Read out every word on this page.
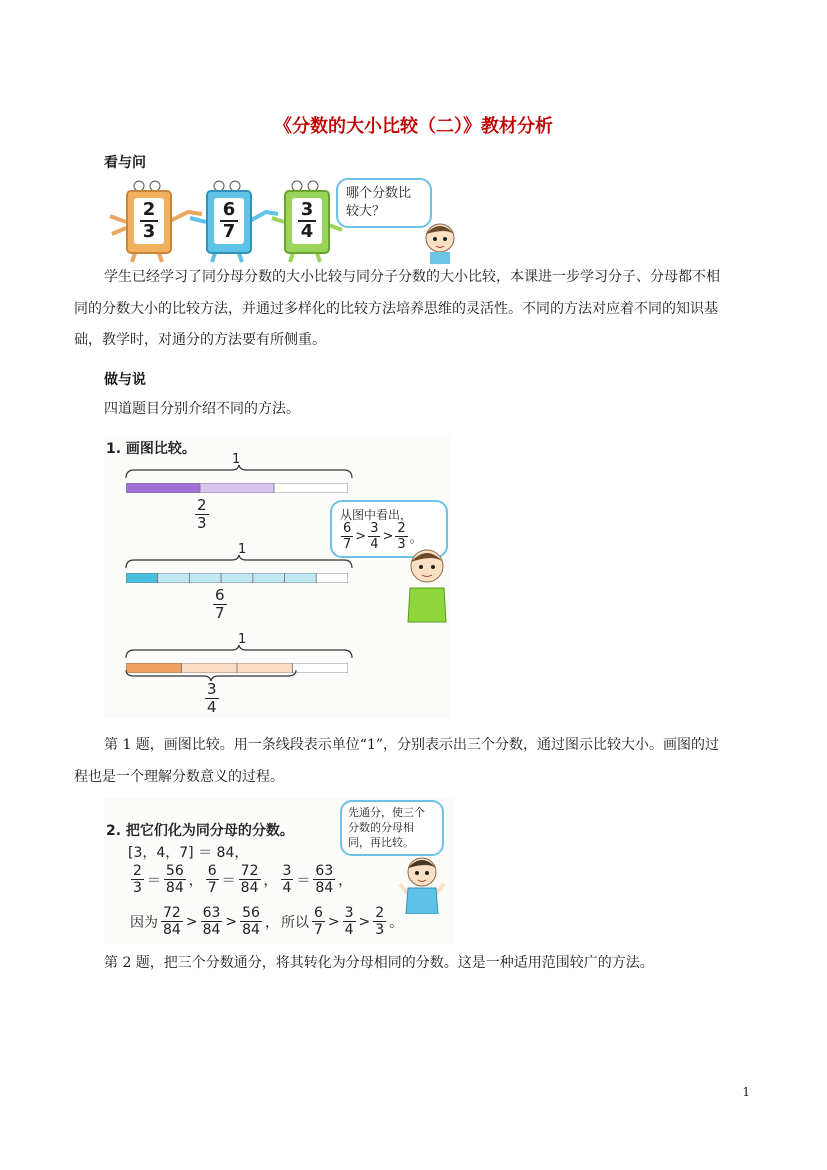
《分数的大小比较（二）》教材分析
看与问
$\frac{2}{3}$	$\frac{6}{7}$	$\frac{3}{4}$
哪个分数比
较大？
学生已经学习了同分母分数的大小比较与同分子分数的大小比较，本课进一步学习分子、分母都不相
同的分数大小的比较方法，并通过多样化的比较方法培养思维的灵活性。不同的方法对应着不同的知识基
础，教学时，对通分的方法要有所侧重。
做与说
四道题目分别介绍不同的方法。
1. 画图比较。
1
$\frac{2}{3}$
1
$\frac{6}{7}$
1
$\frac{3}{4}$
从图中看出，
$\frac{6}{7} > \frac{3}{4} > \frac{2}{3}$ 。
第 1 题，画图比较。用一条线段表示单位“1”，分别表示出三个分数，通过图示比较大小。画图的过
程也是一个理解分数意义的过程。
2. 把它们化为同分母的分数。
[3，4，7] ＝ 84，
$\frac{2}{3} = \frac{56}{84}$ ， $\frac{6}{7} = \frac{72}{84}$ ， $\frac{3}{4} = \frac{63}{84}$ ，
因为 $\frac{72}{84} > \frac{63}{84} > \frac{56}{84}$ ， 所以 $\frac{6}{7} > \frac{3}{4} > \frac{2}{3}$ 。
先通分，使三个
分数的分母相
同，再比较。
第 2 题，把三个分数通分，将其转化为分母相同的分数。这是一种适用范围较广的方法。
1
